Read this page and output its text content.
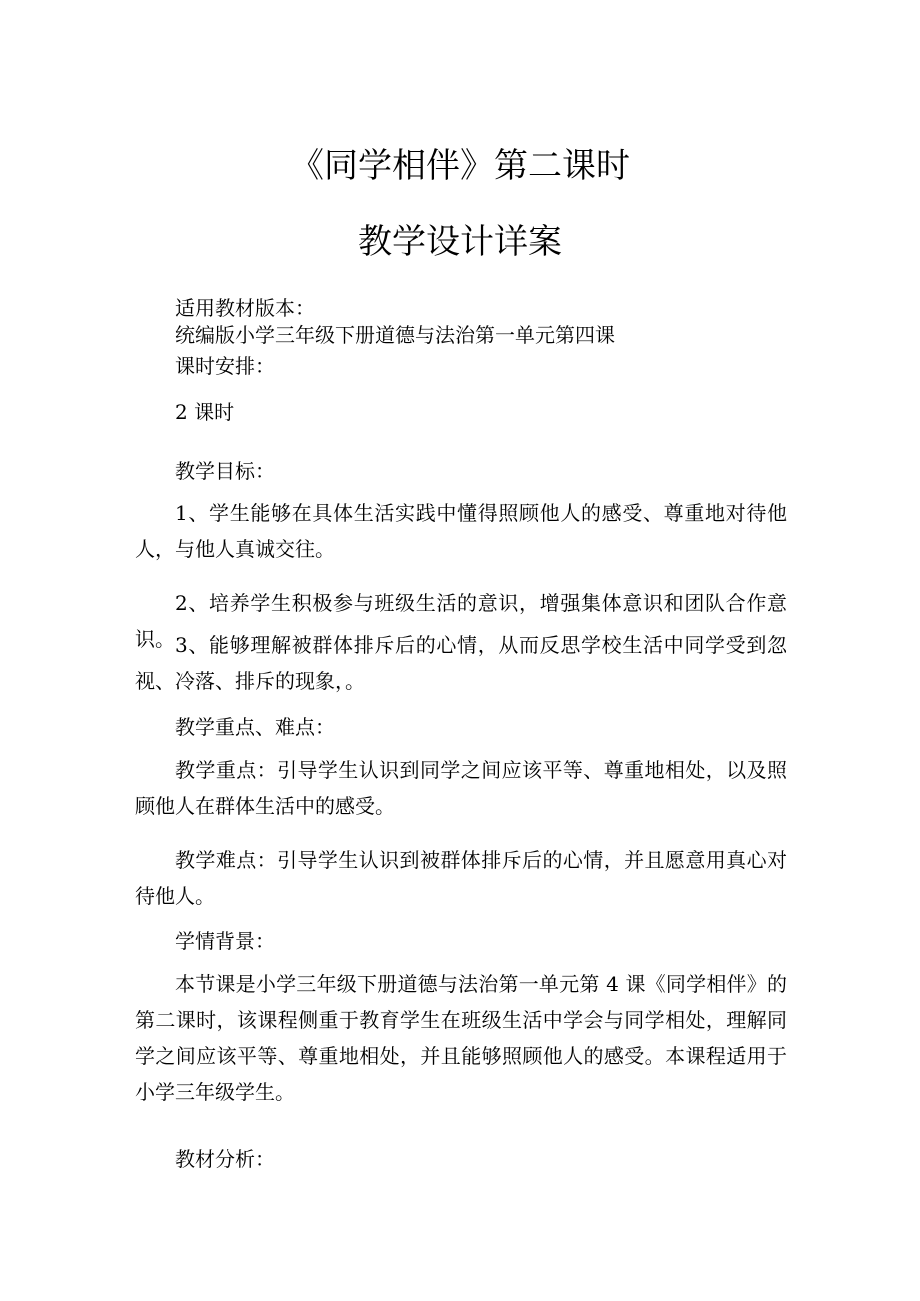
《同学相伴》第二课时
教学设计详案

适用教材版本：

统编版小学三年级下册道德与法治第一单元第四课

课时安排：

2 课时

教学目标：

1、学生能够在具体生活实践中懂得照顾他人的感受、尊重地对待他人，与他人真诚交往。

2、培养学生积极参与班级生活的意识，增强集体意识和团队合作意识。 3、能够理解被群体排斥后的心情，从而反思学校生活中同学受到忽视、冷落、排斥的现象，。

教学重点、难点：

教学重点：引导学生认识到同学之间应该平等、尊重地相处，以及照顾他人在群体生活中的感受。

教学难点：引导学生认识到被群体排斥后的心情，并且愿意用真心对待他人。

学情背景：

本节课是小学三年级下册道德与法治第一单元第 4 课《同学相伴》的第二课时，该课程侧重于教育学生在班级生活中学会与同学相处，理解同学之间应该平等、尊重地相处，并且能够照顾他人的感受。本课程适用于小学三年级学生。

教材分析：
